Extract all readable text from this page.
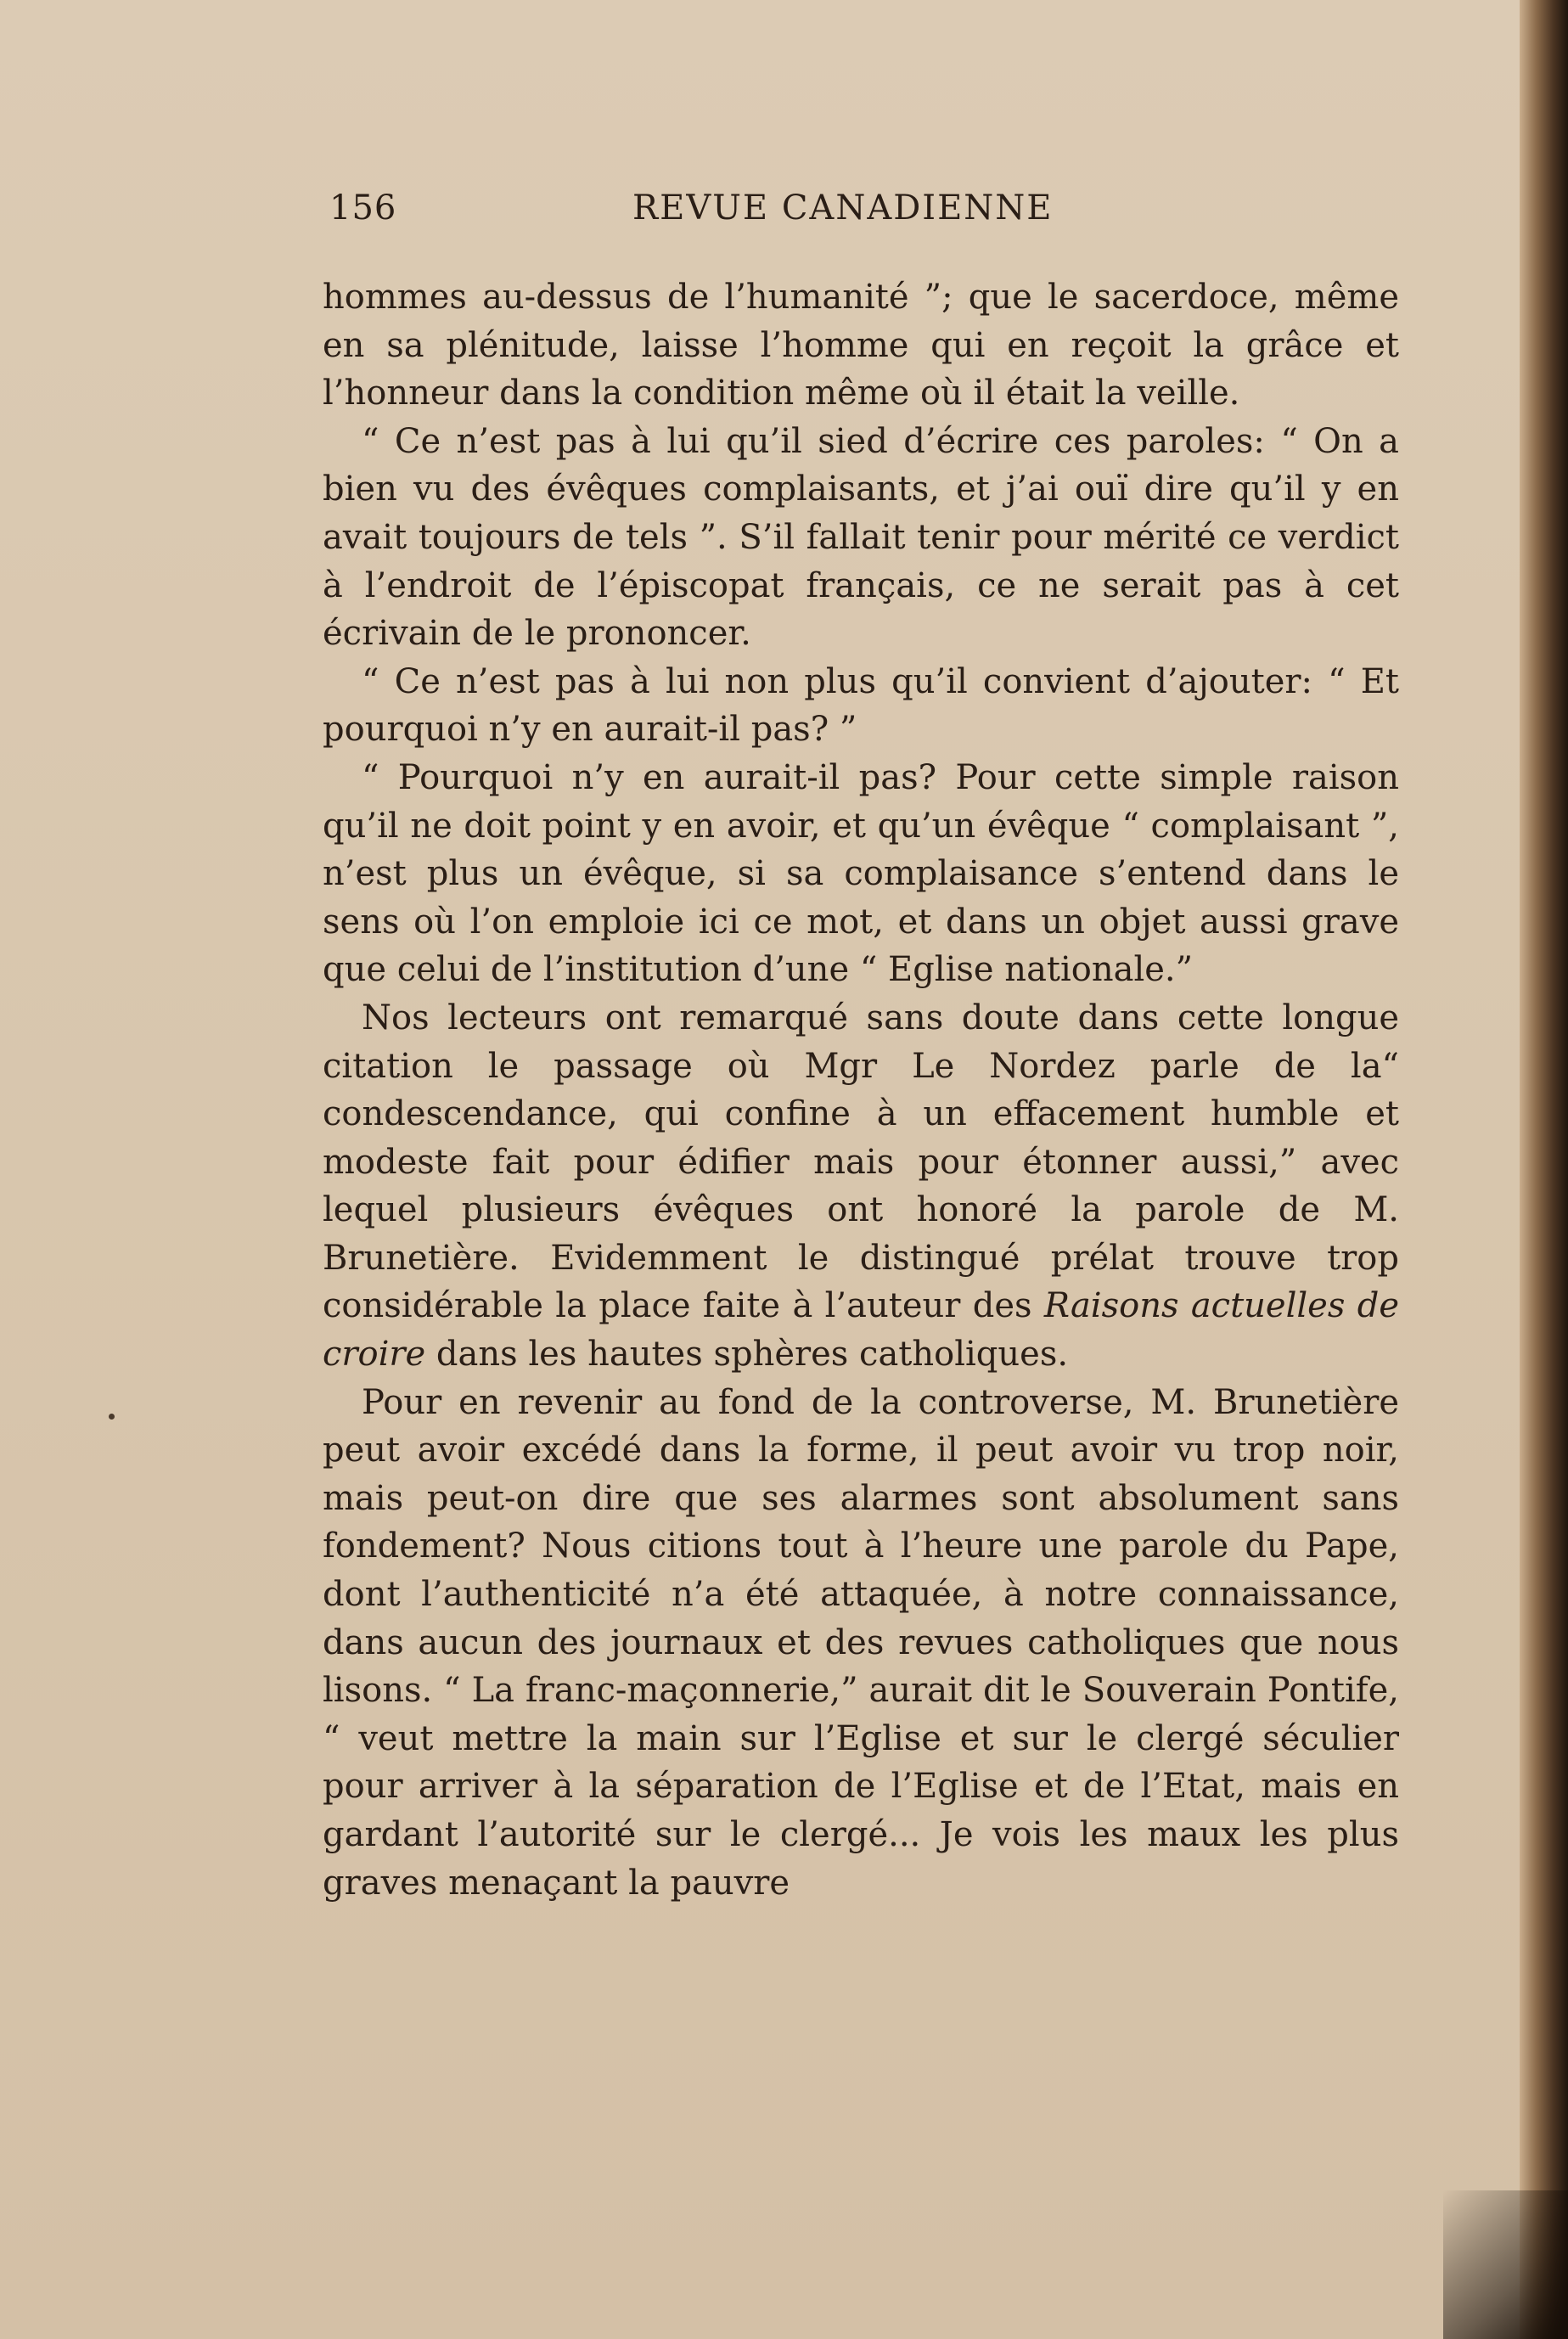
156	REVUE CANADIENNE

hommes au-dessus de l’humanité ”; que le sacerdoce, même en sa plénitude, laisse l’homme qui en reçoit la grâce et l’honneur dans la condition même où il était la veille.

“ Ce n’est pas à lui qu’il sied d’écrire ces paroles: “ On a bien vu des évêques complaisants, et j’ai ouï dire qu’il y en avait toujours de tels ”. S’il fallait tenir pour mérité ce verdict à l’endroit de l’épiscopat français, ce ne serait pas à cet écrivain de le prononcer.

“ Ce n’est pas à lui non plus qu’il convient d’ajouter: “ Et pourquoi n’y en aurait-il pas? ”

“ Pourquoi n’y en aurait-il pas? Pour cette simple raison qu’il ne doit point y en avoir, et qu’un évêque “ complaisant ”, n’est plus un évêque, si sa complaisance s’entend dans le sens où l’on emploie ici ce mot, et dans un objet aussi grave que celui de l’institution d’une “ Eglise nationale.”

Nos lecteurs ont remarqué sans doute dans cette longue citation le passage où Mgr Le Nordez parle de la“ condescendance, qui confine à un effacement humble et modeste fait pour édifier mais pour étonner aussi,” avec lequel plusieurs évêques ont honoré la parole de M. Brunetière. Evidemment le distingué prélat trouve trop considérable la place faite à l’auteur des Raisons actuelles de croire dans les hautes sphères catholiques.

Pour en revenir au fond de la controverse, M. Brunetière peut avoir excédé dans la forme, il peut avoir vu trop noir, mais peut-on dire que ses alarmes sont absolument sans fondement? Nous citions tout à l’heure une parole du Pape, dont l’authenticité n’a été attaquée, à notre connaissance, dans aucun des journaux et des revues catholiques que nous lisons. “ La franc-maçonnerie,” aurait dit le Souverain Pontife, “ veut mettre la main sur l’Eglise et sur le clergé séculier pour arriver à la séparation de l’Eglise et de l’Etat, mais en gardant l’autorité sur le clergé... Je vois les maux les plus graves menaçant la pauvre
